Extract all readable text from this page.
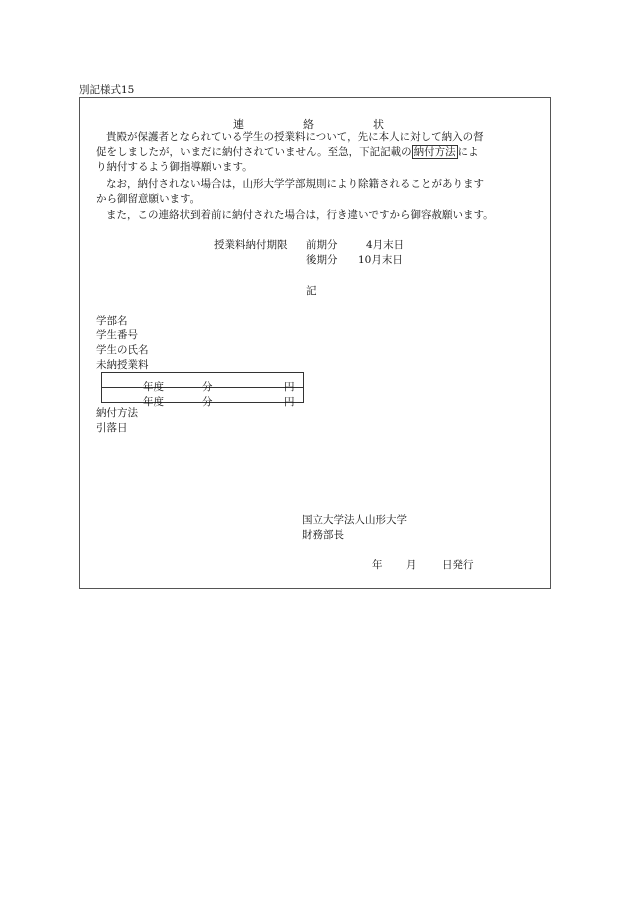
別記様式15
連	絡	状
貴殿が保護者となられている学生の授業料について，先に本人に対して納入の督
促をしましたが，いまだに納付されていません。至急，下記記載の 納付方法 によ
り納付するよう御指導願います。
なお，納付されない場合は，山形大学学部規則により除籍されることがあります
から御留意願います。
また，この連絡状到着前に納付された場合は，行き違いですから御容赦願います。
授業料納付期限 前期分	4月末日
後期分 10月末日
記
学部名
学生番号
学生の氏名
未納授業料
年度	分	円

年度	分	円
納付方法
引落日
国立大学法人山形大学
財務部長
年 月 日発行
